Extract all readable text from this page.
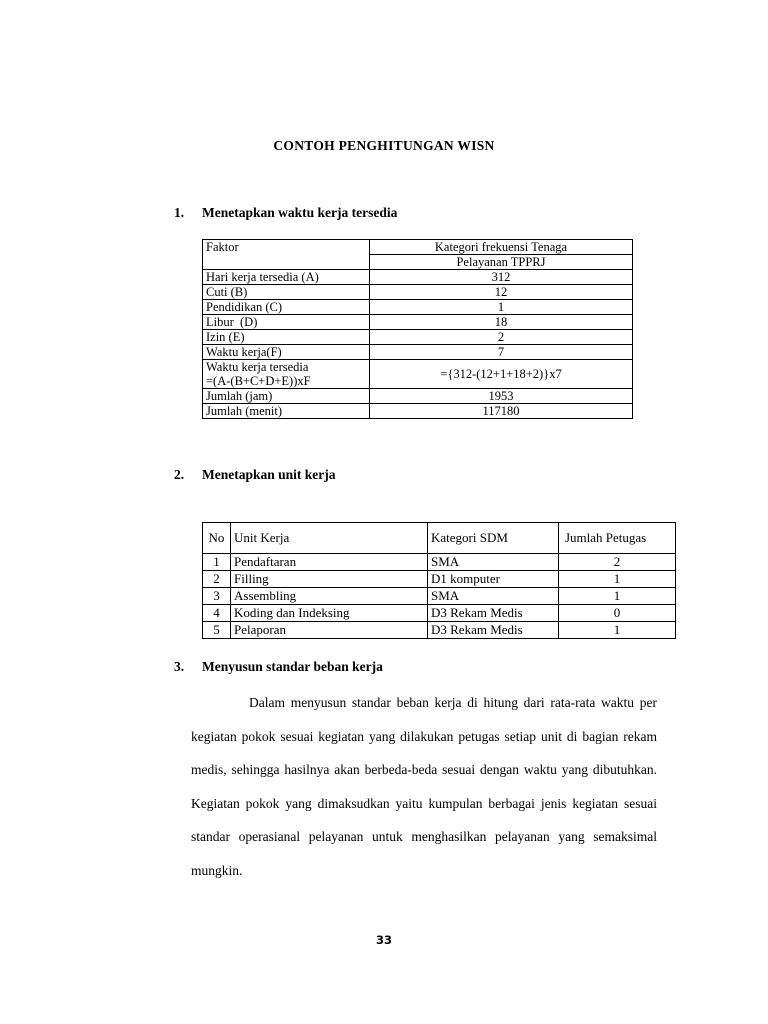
CONTOH PENGHITUNGAN WISN
1. Menetapkan waktu kerja tersedia
Faktor	Kategori frekuensi Tenaga
	Pelayanan TPPRJ
Hari kerja tersedia (A)	312
Cuti (B)	12
Pendidikan (C)	1
Libur  (D)	18
Izin (E)	2
Waktu kerja(F)	7

Waktu kerja tersedia
=(A-(B+C+D+E))xF	={312-(12+1+18+2)}x7
Jumlah (jam)	1953
Jumlah (menit)	117180
2. Menetapkan unit kerja
No	Unit Kerja	Kategori SDM	Jumlah Petugas
1	Pendaftaran	SMA	2
2	Filling	D1 komputer	1
3	Assembling	SMA	1
4	Koding dan Indeksing	D3 Rekam Medis	0
5	Pelaporan	D3 Rekam Medis	1
3. Menyusun standar beban kerja
Dalam menyusun standar beban kerja di hitung dari rata-rata waktu per kegiatan pokok sesuai kegiatan yang dilakukan petugas setiap unit di bagian rekam medis, sehingga hasilnya akan berbeda-beda sesuai dengan waktu yang dibutuhkan. Kegiatan pokok yang dimaksudkan yaitu kumpulan berbagai jenis kegiatan sesuai standar operasianal pelayanan untuk menghasilkan pelayanan yang semaksimal mungkin.
33
